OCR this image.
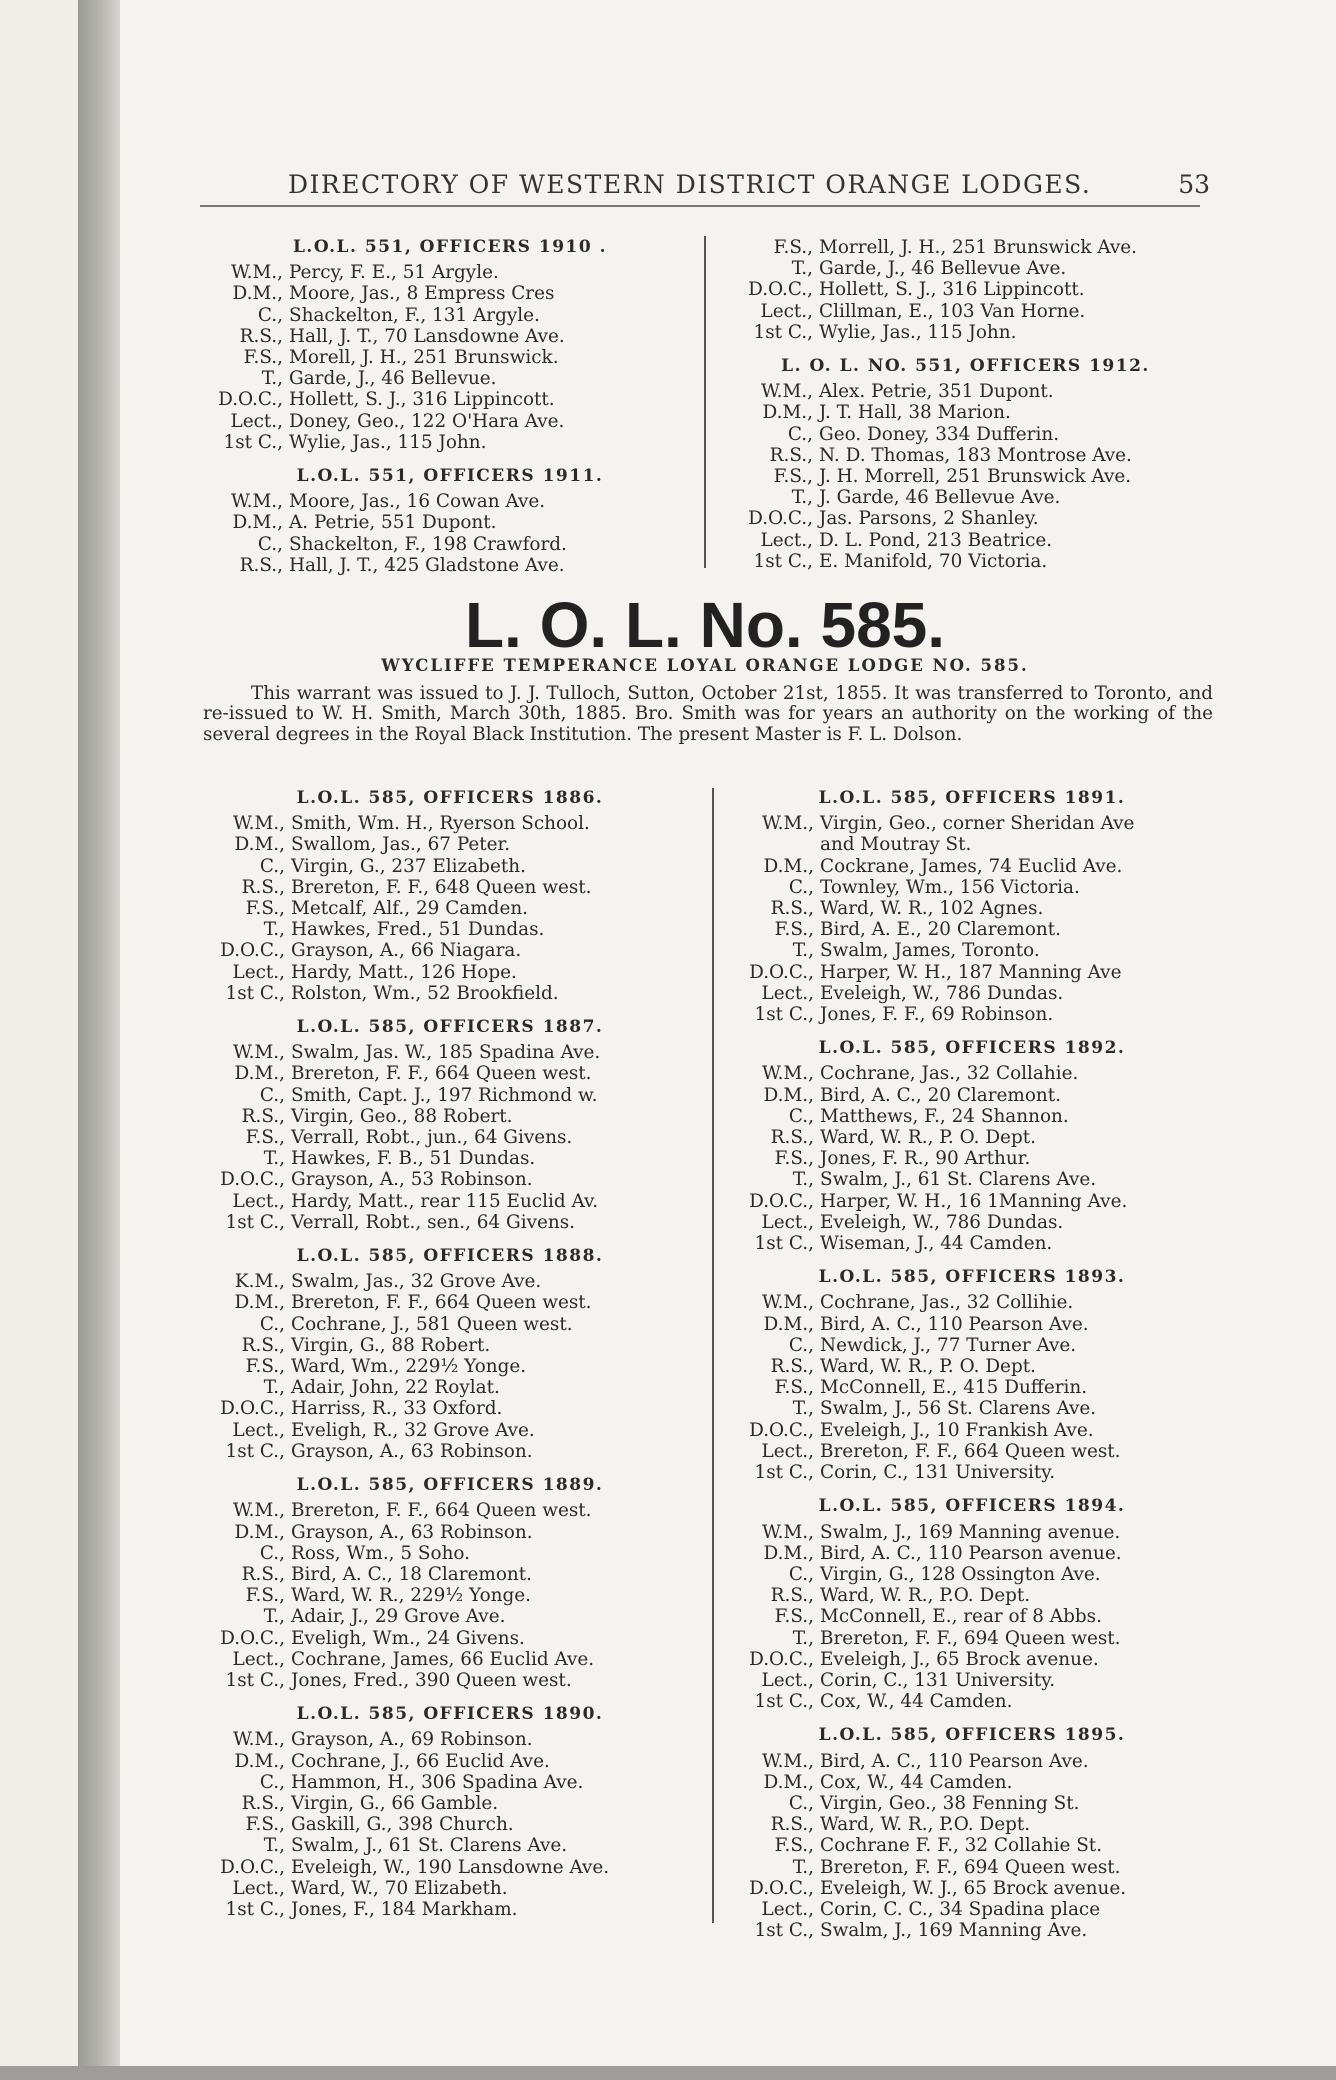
DIRECTORY OF WESTERN DISTRICT ORANGE LODGES.	53
L.O.L. 551, OFFICERS 1910 .
W.M., Percy, F. E., 51 Argyle.
D.M., Moore, Jas., 8 Empress Cres
C., Shackelton, F., 131 Argyle.
R.S., Hall, J. T., 70 Lansdowne Ave.
F.S., Morell, J. H., 251 Brunswick.
T., Garde, J., 46 Bellevue.
D.O.C., Hollett, S. J., 316 Lippincott.
Lect., Doney, Geo., 122 O'Hara Ave.
1st C., Wylie, Jas., 115 John.
L.O.L. 551, OFFICERS 1911.
W.M., Moore, Jas., 16 Cowan Ave.
D.M., A. Petrie, 551 Dupont.
C., Shackelton, F., 198 Crawford.
R.S., Hall, J. T., 425 Gladstone Ave.
F.S., Morrell, J. H., 251 Brunswick Ave.
T., Garde, J., 46 Bellevue Ave.
D.O.C., Hollett, S. J., 316 Lippincott.
Lect., Clillman, E., 103 Van Horne.
1st C., Wylie, Jas., 115 John.
L. O. L. NO. 551, OFFICERS 1912.
W.M., Alex. Petrie, 351 Dupont.
D.M., J. T. Hall, 38 Marion.
C., Geo. Doney, 334 Dufferin.
R.S., N. D. Thomas, 183 Montrose Ave.
F.S., J. H. Morrell, 251 Brunswick Ave.
T., J. Garde, 46 Bellevue Ave.
D.O.C., Jas. Parsons, 2 Shanley.
Lect., D. L. Pond, 213 Beatrice.
1st C., E. Manifold, 70 Victoria.
L. O. L. No. 585.
WYCLIFFE TEMPERANCE LOYAL ORANGE LODGE NO. 585.
This warrant was issued to J. J. Tulloch, Sutton, October 21st, 1855. It was transferred to Toronto, and re-issued to W. H. Smith, March 30th, 1885. Bro. Smith was for years an authority on the working of the several degrees in the Royal Black Institution. The present Master is F. L. Dolson.
L.O.L. 585, OFFICERS 1886.
W.M., Smith, Wm. H., Ryerson School.
D.M., Swallom, Jas., 67 Peter.
C., Virgin, G., 237 Elizabeth.
R.S., Brereton, F. F., 648 Queen west.
F.S., Metcalf, Alf., 29 Camden.
T., Hawkes, Fred., 51 Dundas.
D.O.C., Grayson, A., 66 Niagara.
Lect., Hardy, Matt., 126 Hope.
1st C., Rolston, Wm., 52 Brookfield.
L.O.L. 585, OFFICERS 1887.
W.M., Swalm, Jas. W., 185 Spadina Ave.
D.M., Brereton, F. F., 664 Queen west.
C., Smith, Capt. J., 197 Richmond w.
R.S., Virgin, Geo., 88 Robert.
F.S., Verrall, Robt., jun., 64 Givens.
T., Hawkes, F. B., 51 Dundas.
D.O.C., Grayson, A., 53 Robinson.
Lect., Hardy, Matt., rear 115 Euclid Av.
1st C., Verrall, Robt., sen., 64 Givens.
L.O.L. 585, OFFICERS 1888.
K.M., Swalm, Jas., 32 Grove Ave.
D.M., Brereton, F. F., 664 Queen west.
C., Cochrane, J., 581 Queen west.
R.S., Virgin, G., 88 Robert.
F.S., Ward, Wm., 229½ Yonge.
T., Adair, John, 22 Roylat.
D.O.C., Harriss, R., 33 Oxford.
Lect., Eveligh, R., 32 Grove Ave.
1st C., Grayson, A., 63 Robinson.
L.O.L. 585, OFFICERS 1889.
W.M., Brereton, F. F., 664 Queen west.
D.M., Grayson, A., 63 Robinson.
C., Ross, Wm., 5 Soho.
R.S., Bird, A. C., 18 Claremont.
F.S., Ward, W. R., 229½ Yonge.
T., Adair, J., 29 Grove Ave.
D.O.C., Eveligh, Wm., 24 Givens.
Lect., Cochrane, James, 66 Euclid Ave.
1st C., Jones, Fred., 390 Queen west.
L.O.L. 585, OFFICERS 1890.
W.M., Grayson, A., 69 Robinson.
D.M., Cochrane, J., 66 Euclid Ave.
C., Hammon, H., 306 Spadina Ave.
R.S., Virgin, G., 66 Gamble.
F.S., Gaskill, G., 398 Church.
T., Swalm, J., 61 St. Clarens Ave.
D.O.C., Eveleigh, W., 190 Lansdowne Ave.
Lect., Ward, W., 70 Elizabeth.
1st C., Jones, F., 184 Markham.
L.O.L. 585, OFFICERS 1891.
W.M., Virgin, Geo., corner Sheridan Ave
and Moutray St.
D.M., Cockrane, James, 74 Euclid Ave.
C., Townley, Wm., 156 Victoria.
R.S., Ward, W. R., 102 Agnes.
F.S., Bird, A. E., 20 Claremont.
T., Swalm, James, Toronto.
D.O.C., Harper, W. H., 187 Manning Ave
Lect., Eveleigh, W., 786 Dundas.
1st C., Jones, F. F., 69 Robinson.
L.O.L. 585, OFFICERS 1892.
W.M., Cochrane, Jas., 32 Collahie.
D.M., Bird, A. C., 20 Claremont.
C., Matthews, F., 24 Shannon.
R.S., Ward, W. R., P. O. Dept.
F.S., Jones, F. R., 90 Arthur.
T., Swalm, J., 61 St. Clarens Ave.
D.O.C., Harper, W. H., 16 1Manning Ave.
Lect., Eveleigh, W., 786 Dundas.
1st C., Wiseman, J., 44 Camden.
L.O.L. 585, OFFICERS 1893.
W.M., Cochrane, Jas., 32 Collihie.
D.M., Bird, A. C., 110 Pearson Ave.
C., Newdick, J., 77 Turner Ave.
R.S., Ward, W. R., P. O. Dept.
F.S., McConnell, E., 415 Dufferin.
T., Swalm, J., 56 St. Clarens Ave.
D.O.C., Eveleigh, J., 10 Frankish Ave.
Lect., Brereton, F. F., 664 Queen west.
1st C., Corin, C., 131 University.
L.O.L. 585, OFFICERS 1894.
W.M., Swalm, J., 169 Manning avenue.
D.M., Bird, A. C., 110 Pearson avenue.
C., Virgin, G., 128 Ossington Ave.
R.S., Ward, W. R., P.O. Dept.
F.S., McConnell, E., rear of 8 Abbs.
T., Brereton, F. F., 694 Queen west.
D.O.C., Eveleigh, J., 65 Brock avenue.
Lect., Corin, C., 131 University.
1st C., Cox, W., 44 Camden.
L.O.L. 585, OFFICERS 1895.
W.M., Bird, A. C., 110 Pearson Ave.
D.M., Cox, W., 44 Camden.
C., Virgin, Geo., 38 Fenning St.
R.S., Ward, W. R., P.O. Dept.
F.S., Cochrane F. F., 32 Collahie St.
T., Brereton, F. F., 694 Queen west.
D.O.C., Eveleigh, W. J., 65 Brock avenue.
Lect., Corin, C. C., 34 Spadina place
1st C., Swalm, J., 169 Manning Ave.
